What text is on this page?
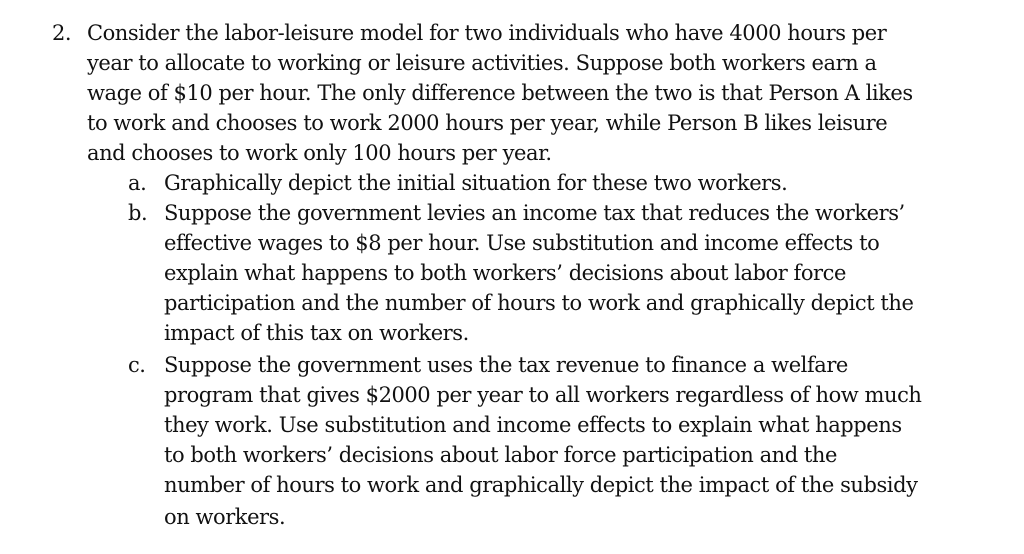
2. Consider the labor-leisure model for two individuals who have 4000 hours per

year to allocate to working or leisure activities. Suppose both workers earn a

wage of $10 per hour. The only difference between the two is that Person A likes

to work and chooses to work 2000 hours per year, while Person B likes leisure

and chooses to work only 100 hours per year.

a. Graphically depict the initial situation for these two workers.

b. Suppose the government levies an income tax that reduces the workers’

effective wages to $8 per hour. Use substitution and income effects to

explain what happens to both workers’ decisions about labor force

participation and the number of hours to work and graphically depict the

impact of this tax on workers.

c. Suppose the government uses the tax revenue to finance a welfare

program that gives $2000 per year to all workers regardless of how much

they work. Use substitution and income effects to explain what happens

to both workers’ decisions about labor force participation and the

number of hours to work and graphically depict the impact of the subsidy

on workers.
